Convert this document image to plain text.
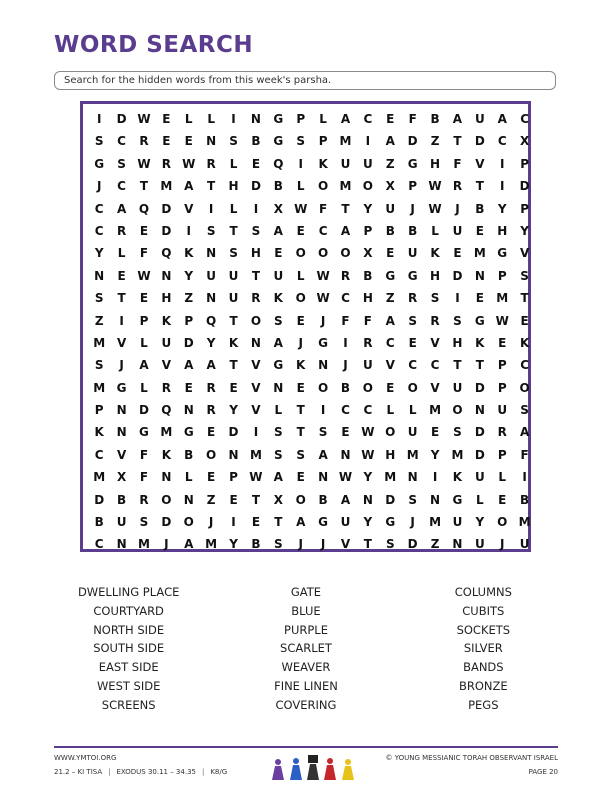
WORD SEARCH
Search for the hidden words from this week's parsha.
I	D W E	L	L	I	N	G	P	L	A	C	E	F	B	A	U	A	C
S	C	R	E	E	N	S	B	G	S	P	M	I	A	D	Z	T	D	C	X
G	S W R W R	L	E	Q	I	K	U	U	Z	G	H	F	V	I	P
J	C	T	M A	T	H	D	B	L	O M O	X	P W R	T	I	D
C	A	Q	D	V	I	L	I	X W F	T	Y	U	J	W	J	B	Y	P
C	R	E	D	I	S	T	S	A	E	C	A	P	B	B	L	U	E	H	Y
Y	L	F	Q	K	N	S	H	E	O	O	O	X	E	U	K	E	M G	V
N	E W N	Y	U	U	T	U	L W R	B	G	G	H	D	N	P	S
S	T	E	H	Z	N	U	R	K	O W C	H	Z	R	S	I	E	M	T
Z	I	P	K	P	Q	T	O	S	E	J	F	F	A	S	R	S	G W E
M V	L	U	D	Y	K	N	A	J	G	I	R	C	E	V	H	K	E	K
S	J	A	V	A	A	T	V	G	K	N	J	U	V	C	C	T	T	P	C
M G	L	R	E	R	E	V	N	E	O	B	O	E	O	V	U	D	P	O
P	N	D	Q	N	R	Y	V	L	T	I	C	C	L	L	M O	N	U	S
K	N	G M G	E	D	I	S	T	S	E W O	U	E	S	D	R	A
C	V	F	K	B	O	N M	S	S	A	N W H M	Y	M D	P	F
M X	F	N	L	E	P W A	E	N W Y	M N	I	K	U	L	I
D	B	R	O	N	Z	E	T	X	O	B	A	N	D	S	N	G	L	E	B
B	U	S	D	O	J	I	E	T	A	G	U	Y	G	J	M U	Y	O M
C	N M	J	A M	Y	B	S	J	J	V	T	S	D	Z	N	U	J	U
DWELLING PLACE
COURTYARD
NORTH SIDE
SOUTH SIDE
EAST SIDE
WEST SIDE
SCREENS
GATE
BLUE
PURPLE
SCARLET
WEAVER
FINE LINEN
COVERING
COLUMNS
CUBITS
SOCKETS
SILVER
BANDS
BRONZE
PEGS
WWW.YMTOI.ORG
21.2 – KI TISA | EXODUS 30.11 – 34.35 | K8/G
© YOUNG MESSIANIC TORAH OBSERVANT ISRAEL
PAGE 20
